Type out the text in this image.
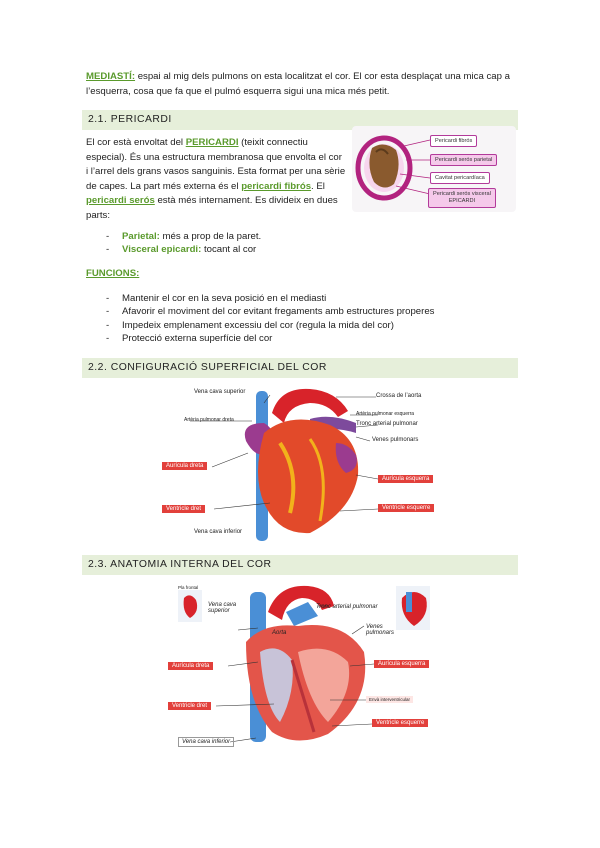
MEDIASTÍ: espai al mig dels pulmons on esta localitzat el cor. El cor esta desplaçat una mica cap a
l’esquerra, cosa que fa que el pulmó esquerra sigui una mica més petit.
2.1. PERICARDI
El cor està envoltat del PERICARDI (teixit connectiu
especial). És una estructura membranosa que envolta el cor
i l’arrel dels grans vasos sanguinis. Esta format per una sèrie
de capes. La part més externa és el pericardi fibrós. El
pericardi serós està més internament. Es divideix en dues
parts:
Pericardi fibrós
Pericardi serós parietal
Cavitat pericardíaca
Pericardi serós visceral
EPICARDI
- Parietal: més a prop de la paret.
- Visceral epicardi: tocant al cor
FUNCIONS:
- Mantenir el cor en la seva posició en el mediasti
- Afavorir el moviment del cor evitant fregaments amb estructures properes
- Impedeix emplenament excessiu del cor (regula la mida del cor)
- Protecció externa superfície del cor
2.2. CONFIGURACIÓ SUPERFICIAL DEL COR
Vena cava superior
Artèria pulmonar dreta
Crossa de l’aorta
Artèria pulmonar esquerra
Tronc arterial pulmonar
Venes pulmonars
Aurícula dreta
Aurícula esquerra
Ventricle dret	Ventricle esquerre
Vena cava inferior
2.3. ANATOMIA INTERNA DEL COR
Pla frontal
Vena cava superior
Tronc arterial pulmonar
Aorta
Venes pulmonars
Aurícula dreta	Aurícula esquerra
Envà interventricular
Ventricle dret
Ventricle esquerre
Vena cava inferior
